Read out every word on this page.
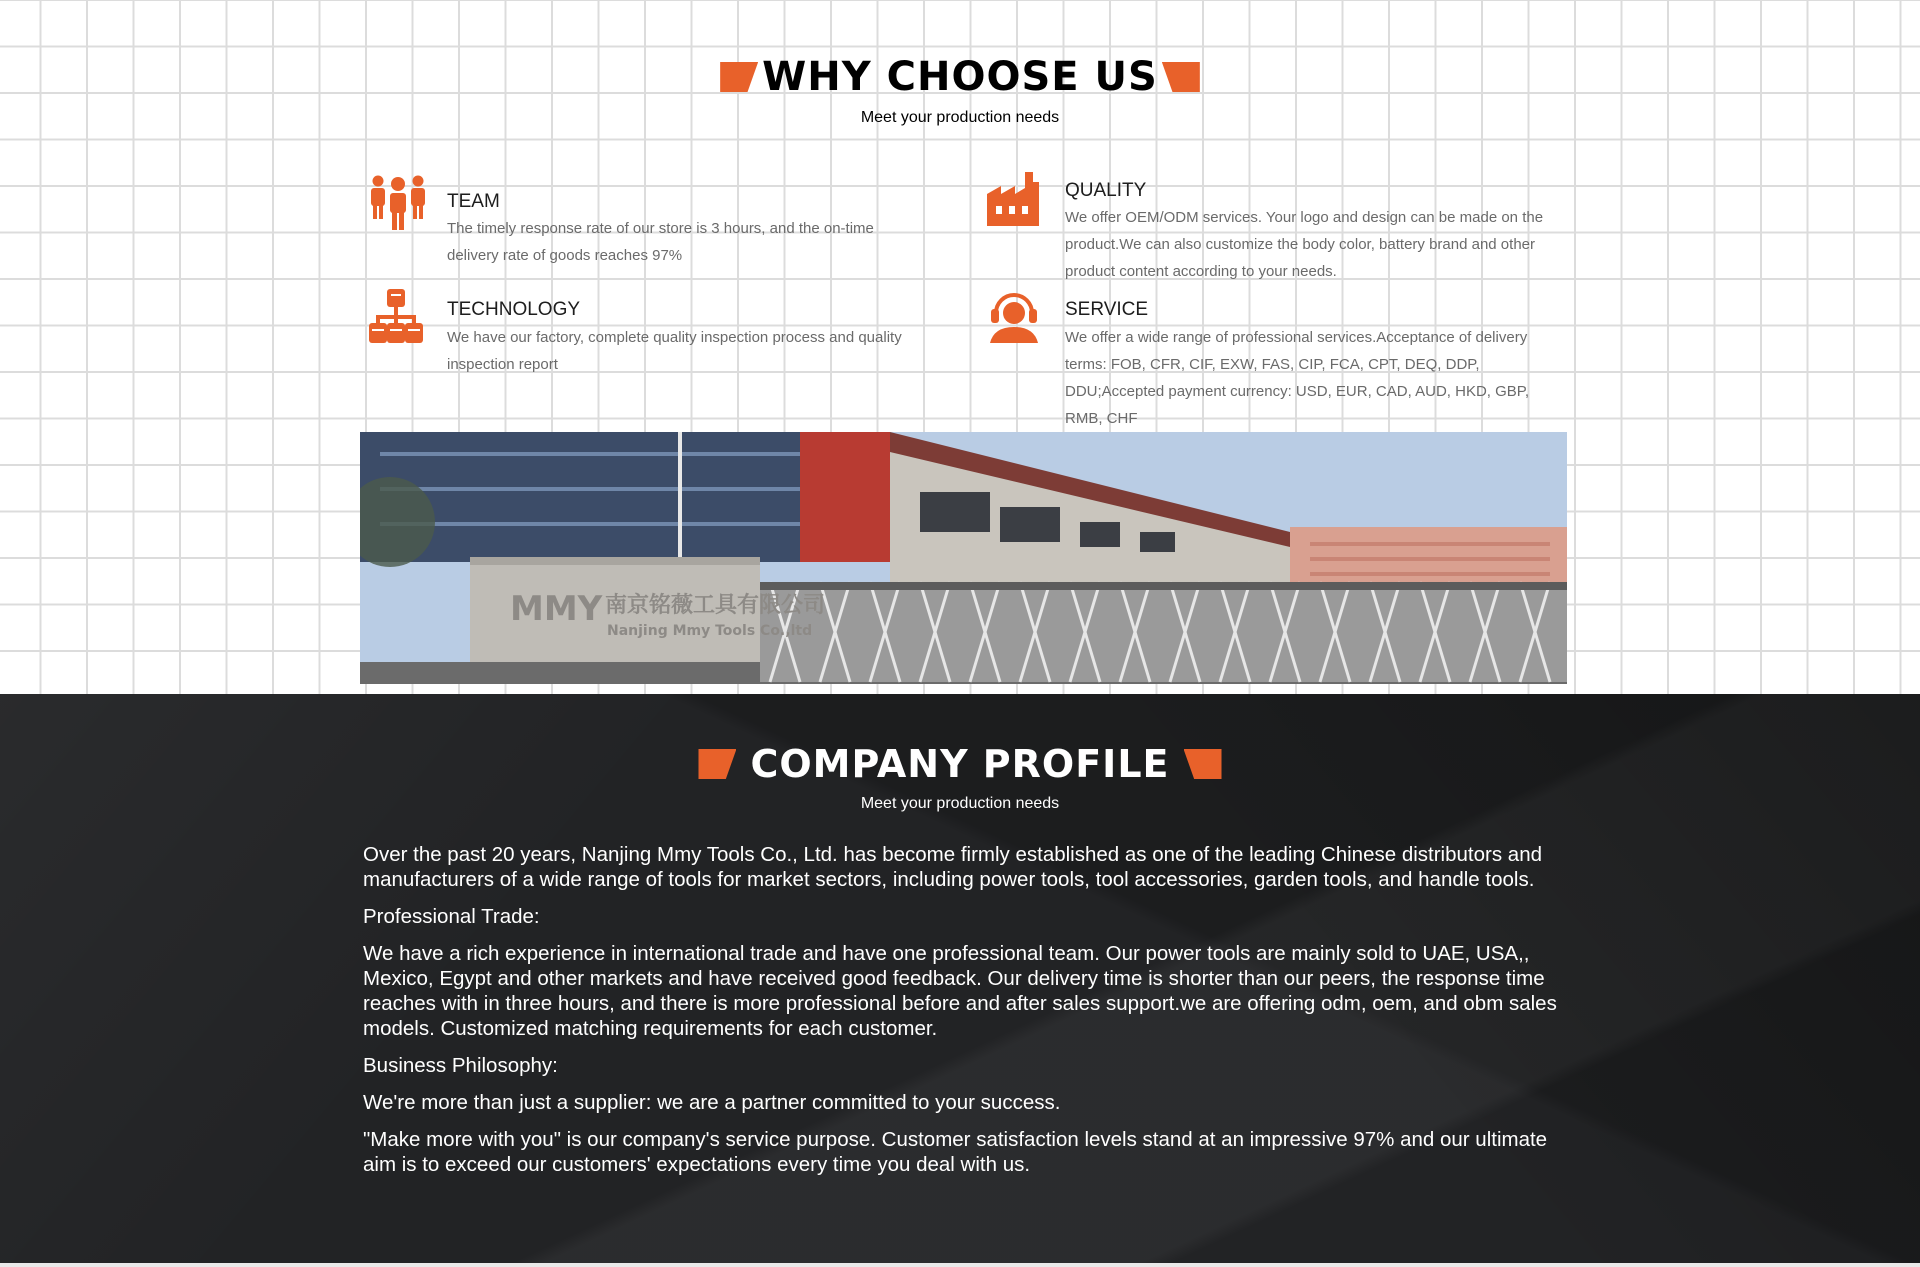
WHY CHOOSE US
Meet your production needs
TEAM
The timely response rate of our store is 3 hours, and the on-time delivery rate of goods reaches 97%
QUALITY
We offer OEM/ODM services. Your logo and design can be made on the product.We can also customize the body color, battery brand and other product content according to your needs.
TECHNOLOGY
We have our factory, complete quality inspection process and quality inspection report
SERVICE
We offer a wide range of professional services.Acceptance of delivery terms: FOB, CFR, CIF, EXW, FAS, CIP, FCA, CPT, DEQ, DDP, DDU;Accepted payment currency: USD, EUR, CAD, AUD, HKD, GBP, RMB, CHF
MMY 南京铭薇工具有限公司
Nanjing Mmy Tools Co.,ltd
COMPANY PROFILE
Meet your production needs

Over the past 20 years, Nanjing Mmy Tools Co., Ltd. has become firmly established as one of the leading Chinese distributors and manufacturers of a wide range of tools for market sectors, including power tools, tool accessories, garden tools, and handle tools.

Professional Trade:

We have a rich experience in international trade and have one professional team. Our power tools are mainly sold to UAE, USA,, Mexico, Egypt and other markets and have received good feedback. Our delivery time is shorter than our peers, the response time reaches with in three hours, and there is more professional before and after sales support.we are offering odm, oem, and obm sales models. Customized matching requirements for each customer.

Business Philosophy:

We're more than just a supplier: we are a partner committed to your success.

"Make more with you" is our company's service purpose. Customer satisfaction levels stand at an impressive 97% and our ultimate aim is to exceed our customers' expectations every time you deal with us.
